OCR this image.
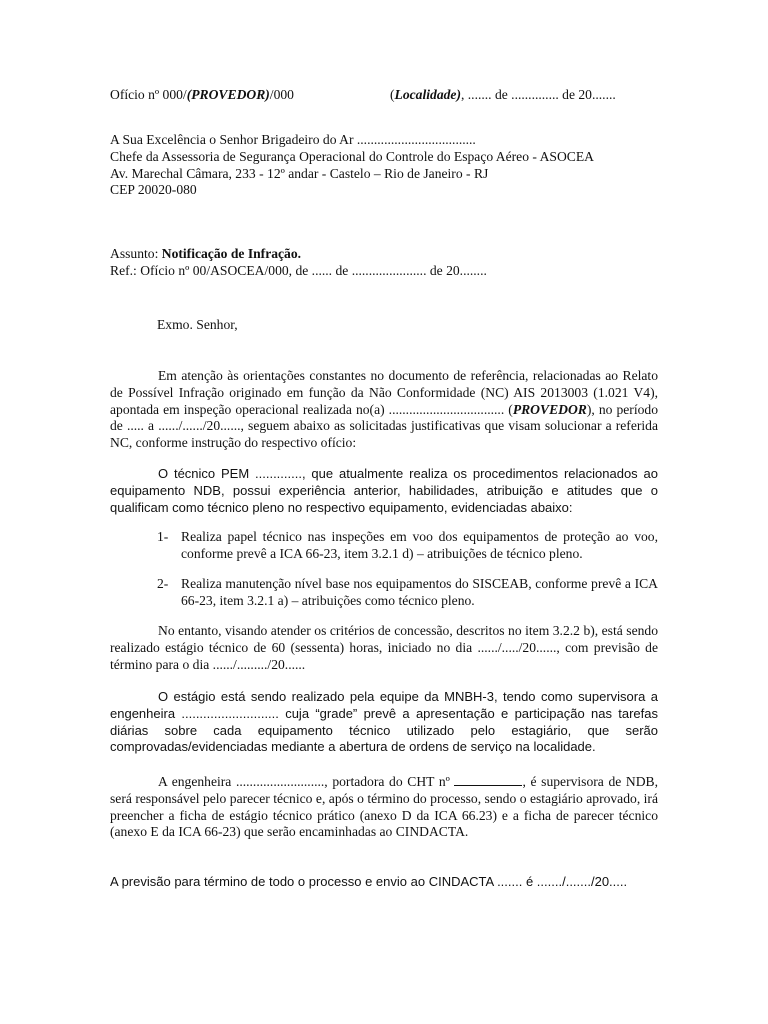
Ofício nº 000/(PROVEDOR)/000	(Localidade), ....... de .............. de 20.......
A Sua Excelência o Senhor Brigadeiro do Ar ...................................
Chefe da Assessoria de Segurança Operacional do Controle do Espaço Aéreo - ASOCEA
Av. Marechal Câmara, 233 - 12º andar - Castelo – Rio de Janeiro - RJ
CEP 20020-080
Assunto: Notificação de Infração.
Ref.: Ofício nº 00/ASOCEA/000, de ...... de ...................... de 20........
Exmo. Senhor,
Em atenção às orientações constantes no documento de referência, relacionadas ao Relato de Possível Infração originado em função da Não Conformidade (NC) AIS 2013003 (1.021 V4), apontada em inspeção operacional realizada no(a) .................................. (PROVEDOR), no período de ..... a ....../....../20......, seguem abaixo as solicitadas justificativas que visam solucionar a referida NC, conforme instrução do respectivo ofício:
O técnico PEM ............., que atualmente realiza os procedimentos relacionados ao equipamento NDB, possui experiência anterior, habilidades, atribuição e atitudes que o qualificam como técnico pleno no respectivo equipamento, evidenciadas abaixo:
1- Realiza papel técnico nas inspeções em voo dos equipamentos de proteção ao voo, conforme prevê a ICA 66-23, item 3.2.1 d) – atribuições de técnico pleno.
2- Realiza manutenção nível base nos equipamentos do SISCEAB, conforme prevê a ICA 66-23, item 3.2.1 a) – atribuições como técnico pleno.
No entanto, visando atender os critérios de concessão, descritos no item 3.2.2 b), está sendo realizado estágio técnico de 60 (sessenta) horas, iniciado no dia ....../...../20......, com previsão de término para o dia ....../........./20......
O estágio está sendo realizado pela equipe da MNBH-3, tendo como supervisora a engenheira ........................... cuja “grade” prevê a apresentação e participação nas tarefas diárias sobre cada equipamento técnico utilizado pelo estagiário, que serão comprovadas/evidenciadas mediante a abertura de ordens de serviço na localidade.
A engenheira .........................., portadora do CHT nº	, é supervisora de NDB, será responsável pelo parecer técnico e, após o término do processo, sendo o estagiário aprovado, irá preencher a ficha de estágio técnico prático (anexo D da ICA 66.23) e a ficha de parecer técnico (anexo E da ICA 66-23) que serão encaminhadas ao CINDACTA.
A previsão para término de todo o processo e envio ao CINDACTA ....... é ......./......./20.....
